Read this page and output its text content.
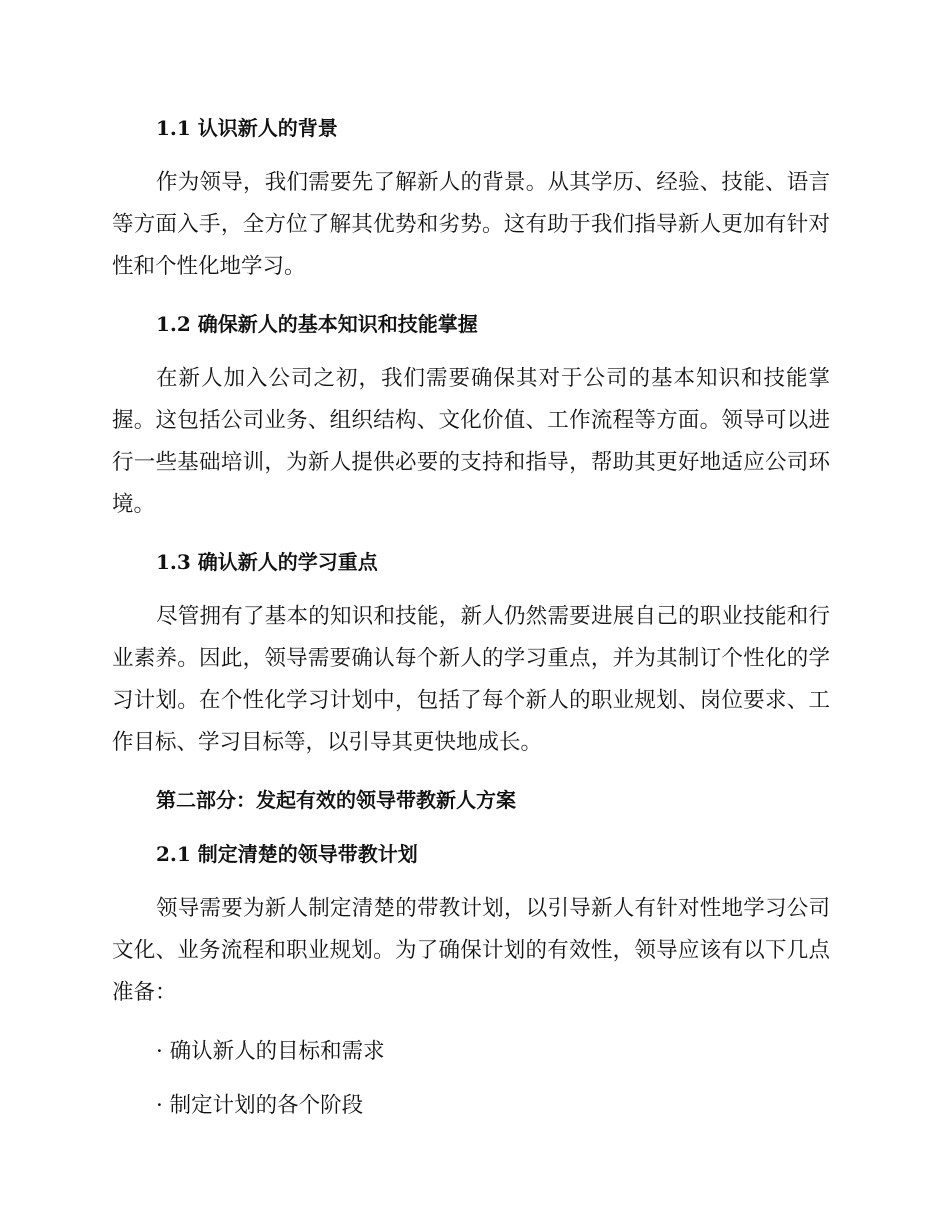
1.1 认识新人的背景

作为领导，我们需要先了解新人的背景。从其学历、经验、技能、语言等方面入手，全方位了解其优势和劣势。这有助于我们指导新人更加有针对性和个性化地学习。

1.2 确保新人的基本知识和技能掌握

在新人加入公司之初，我们需要确保其对于公司的基本知识和技能掌握。这包括公司业务、组织结构、文化价值、工作流程等方面。领导可以进行一些基础培训，为新人提供必要的支持和指导，帮助其更好地适应公司环境。

1.3 确认新人的学习重点

尽管拥有了基本的知识和技能，新人仍然需要进展自己的职业技能和行业素养。因此，领导需要确认每个新人的学习重点，并为其制订个性化的学习计划。在个性化学习计划中，包括了每个新人的职业规划、岗位要求、工作目标、学习目标等，以引导其更快地成长。

第二部分：发起有效的领导带教新人方案
2.1 制定清楚的领导带教计划

领导需要为新人制定清楚的带教计划，以引导新人有针对性地学习公司文化、业务流程和职业规划。为了确保计划的有效性，领导应该有以下几点准备：

· 确认新人的目标和需求

· 制定计划的各个阶段
